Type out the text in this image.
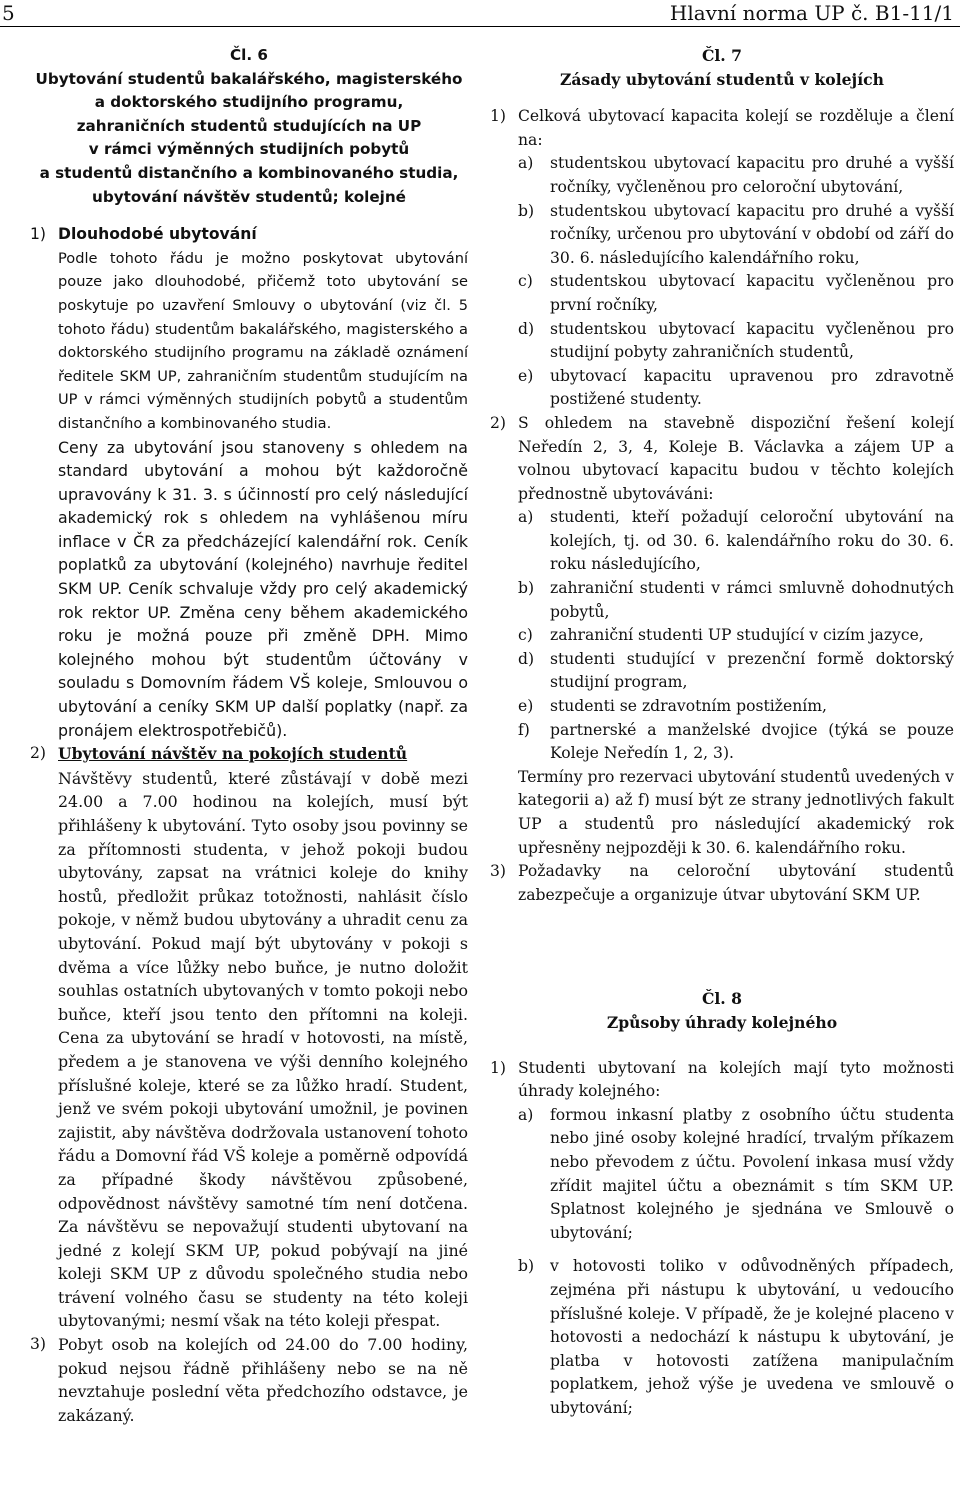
5	Hlavní norma UP č. B1-11/1
Čl. 6
Ubytování studentů bakalářského, magisterského
a doktorského studijního programu,
zahraničních studentů studujících na UP
v rámci výměnných studijních pobytů
a studentů distančního a kombinovaného studia,
ubytování návštěv studentů; kolejné
1) Dlouhodobé ubytování

Podle tohoto řádu je možno poskytovat ubytování pouze jako dlouhodobé, přičemž toto ubytování se poskytuje po uzavření Smlouvy o ubytování (viz čl. 5 tohoto řádu) studentům bakalářského, magisterského a doktorského studijního programu na základě oznámení ředitele SKM UP, zahraničním studentům studujícím na UP v rámci výměnných studijních pobytů a studentům distančního a kombinovaného studia.

Ceny za ubytování jsou stanoveny s ohledem na standard ubytování a mohou být každoročně upravovány k 31. 3. s účinností pro celý následující akademický rok s ohledem na vyhlášenou míru inflace v ČR za předcházející kalendářní rok. Ceník poplatků za ubytování (kolejného) navrhuje ředitel SKM UP. Ceník schvaluje vždy pro celý akademický rok rektor UP. Změna ceny během akademického roku je možná pouze při změně DPH. Mimo kolejného mohou být studentům účtovány v souladu s Domovním řádem VŠ koleje, Smlouvou o ubytování a ceníky SKM UP další poplatky (např. za pronájem elektrospotřebičů).

2) Ubytování návštěv na pokojích studentů

Návštěvy studentů, které zůstávají v době mezi 24.00 a 7.00 hodinou na kolejích, musí být přihlášeny k ubytování. Tyto osoby jsou povinny se za přítomnosti studenta, v jehož pokoji budou ubytovány, zapsat na vrátnici koleje do knihy hostů, předložit průkaz totožnosti, nahlásit číslo pokoje, v němž budou ubytovány a uhradit cenu za ubytování. Pokud mají být ubytovány v pokoji s dvěma a více lůžky nebo buňce, je nutno doložit souhlas ostatních ubytovaných v tomto pokoji nebo buňce, kteří jsou tento den přítomni na koleji. Cena za ubytování se hradí v hotovosti, na místě, předem a je stanovena ve výši denního kolejného příslušné koleje, které se za lůžko hradí. Student, jenž ve svém pokoji ubytování umožnil, je povinen zajistit, aby návštěva dodržovala ustanovení tohoto řádu a Domovní řád VŠ koleje a poměrně odpovídá za případné škody návštěvou způsobené, odpovědnost návštěvy samotné tím není dotčena. Za návštěvu se nepovažují studenti ubytovaní na jedné z kolejí SKM UP, pokud pobývají na jiné koleji SKM UP z důvodu společného studia nebo trávení volného času se studenty na této koleji ubytovanými; nesmí však na této koleji přespat.

3) Pobyt osob na kolejích od 24.00 do 7.00 hodiny, pokud nejsou řádně přihlášeny nebo se na ně nevztahuje poslední věta předchozího odstavce, je zakázaný.

Čl. 7
Zásady ubytování studentů v kolejích
1) Celková ubytovací kapacita kolejí se rozděluje a člení na:

a)	studentskou ubytovací kapacitu pro druhé a vyšší ročníky, vyčleněnou pro celoroční ubytování,
b)	studentskou ubytovací kapacitu pro druhé a vyšší ročníky, určenou pro ubytování v období od září do 30. 6. následujícího kalendářního roku,
c)	studentskou ubytovací kapacitu vyčleněnou pro první ročníky,
d)	studentskou ubytovací kapacitu vyčleněnou pro studijní pobyty zahraničních studentů,
e)	ubytovací kapacitu upravenou pro zdravotně postižené studenty.
2) S ohledem na stavebně dispoziční řešení kolejí Neředín 2, 3, 4, Koleje B. Václavka a zájem UP a volnou ubytovací kapacitu budou v těchto kolejích přednostně ubytováváni:

a)	studenti, kteří požadují celoroční ubytování na kolejích, tj. od 30. 6. kalendářního roku do 30. 6. roku následujícího,
b)	zahraniční studenti v rámci smluvně dohodnutých pobytů,
c)	zahraniční studenti UP studující v cizím jazyce,
d)	studenti studující v prezenční formě doktorský studijní program,
e)	studenti se zdravotním postižením,
f)	partnerské a manželské dvojice (týká se pouze Koleje Neředín 1, 2, 3).

Termíny pro rezervaci ubytování studentů uvedených v kategorii a) až f) musí být ze strany jednotlivých fakult UP a studentů pro následující akademický rok upřesněny nejpozději k 30. 6. kalendářního roku.

3) Požadavky na celoroční ubytování studentů zabezpečuje a organizuje útvar ubytování SKM UP.

Čl. 8
Způsoby úhrady kolejného
1) Studenti ubytovaní na kolejích mají tyto možnosti úhrady kolejného:

a)	formou inkasní platby z osobního účtu studenta nebo jiné osoby kolejné hradící, trvalým příkazem nebo převodem z účtu. Povolení inkasa musí vždy zřídit majitel účtu a obeznámit s tím SKM UP. Splatnost kolejného je sjednána ve Smlouvě o ubytování;
b)	v hotovosti toliko v odůvodněných případech, zejména při nástupu k ubytování, u vedoucího příslušné koleje. V případě, že je kolejné placeno v hotovosti a nedochází k nástupu k ubytování, je platba v hotovosti zatížena manipulačním poplatkem, jehož výše je uvedena ve smlouvě o ubytování;
